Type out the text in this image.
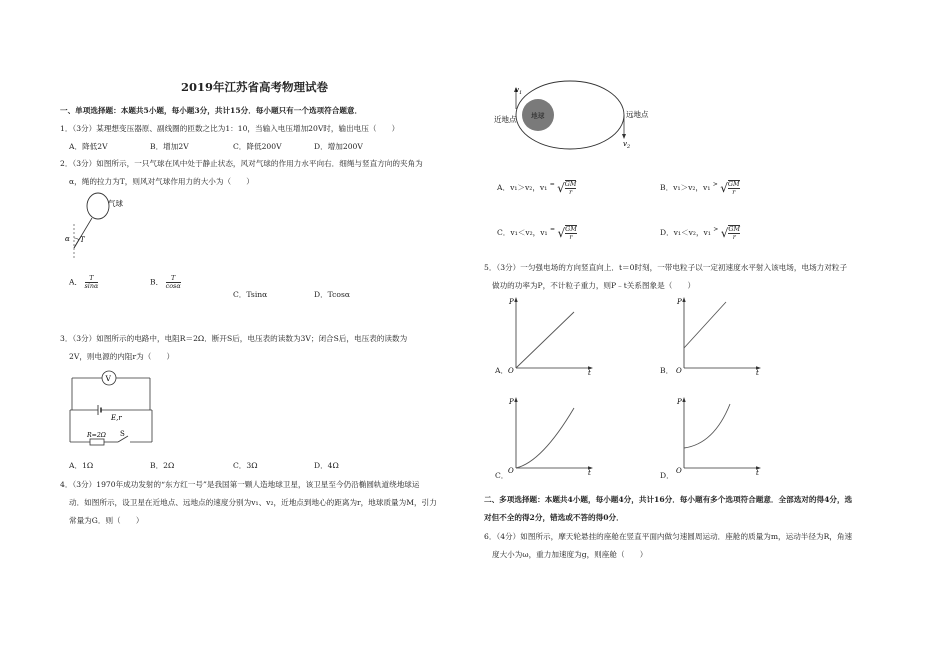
2019年江苏省高考物理试卷
一、单项选择题：本题共5小题，每小题3分，共计15分．每小题只有一个选项符合题意．
1．（3分）某理想变压器原、副线圈的匝数之比为1：10，当输入电压增加20V时，输出电压（　　）
A．降低2V	B．增加2V	C．降低200V	D．增加200V
2．（3分）如图所示，一只气球在风中处于静止状态，风对气球的作用力水平向右．细绳与竖直方向的夹角为
α，绳的拉力为T，则风对气球作用力的大小为（　　）
气球
α T
A． $\frac{T}{\sin\alpha}$	B． $\frac{T}{\cos\alpha}$
C．Tsinα	D．Tcosα
3．（3分）如图所示的电路中，电阻R＝2Ω．断开S后，电压表的读数为3V；闭合S后，电压表的读数为
2V，则电源的内阻r为（　　）
V
E,r
R=2Ω S
A．1Ω	B．2Ω	C．3Ω	D．4Ω
4．（3分）1970年成功发射的“东方红一号”是我国第一颗人造地球卫星，该卫星至今仍沿椭圆轨道绕地球运
动．如图所示，设卫星在近地点、远地点的速度分别为v₁、v₂，近地点到地心的距离为r，地球质量为M，引力
常量为G．则（　　）
地球
近地点
远地点
$v_1$
$v_2$
A．v₁＞v₂，v₁ = √ $\frac{GM}{r}$	B．v₁＞v₂，v₁ > √ $\frac{GM}{r}$
C．v₁＜v₂，v₁ = √ $\frac{GM}{r}$	D．v₁＜v₂，v₁ > √ $\frac{GM}{r}$
5．（3分）一匀强电场的方向竖直向上．t＝0时刻，一带电粒子以一定初速度水平射入该电场，电场力对粒子
做功的功率为P，不计粒子重力，则P﹣t关系图象是（　　）
P
t
O
A．
P
t
O
B．
P
t
O
C．
P
t
O
D．
二、多项选择题：本题共4小题，每小题4分，共计16分．每小题有多个选项符合题意．全部选对的得4分，选
对但不全的得2分，错选或不答的得0分．
6．（4分）如图所示，摩天轮悬挂的座舱在竖直平面内做匀速圆周运动．座舱的质量为m，运动半径为R，角速
度大小为ω，重力加速度为g，则座舱（　　）
